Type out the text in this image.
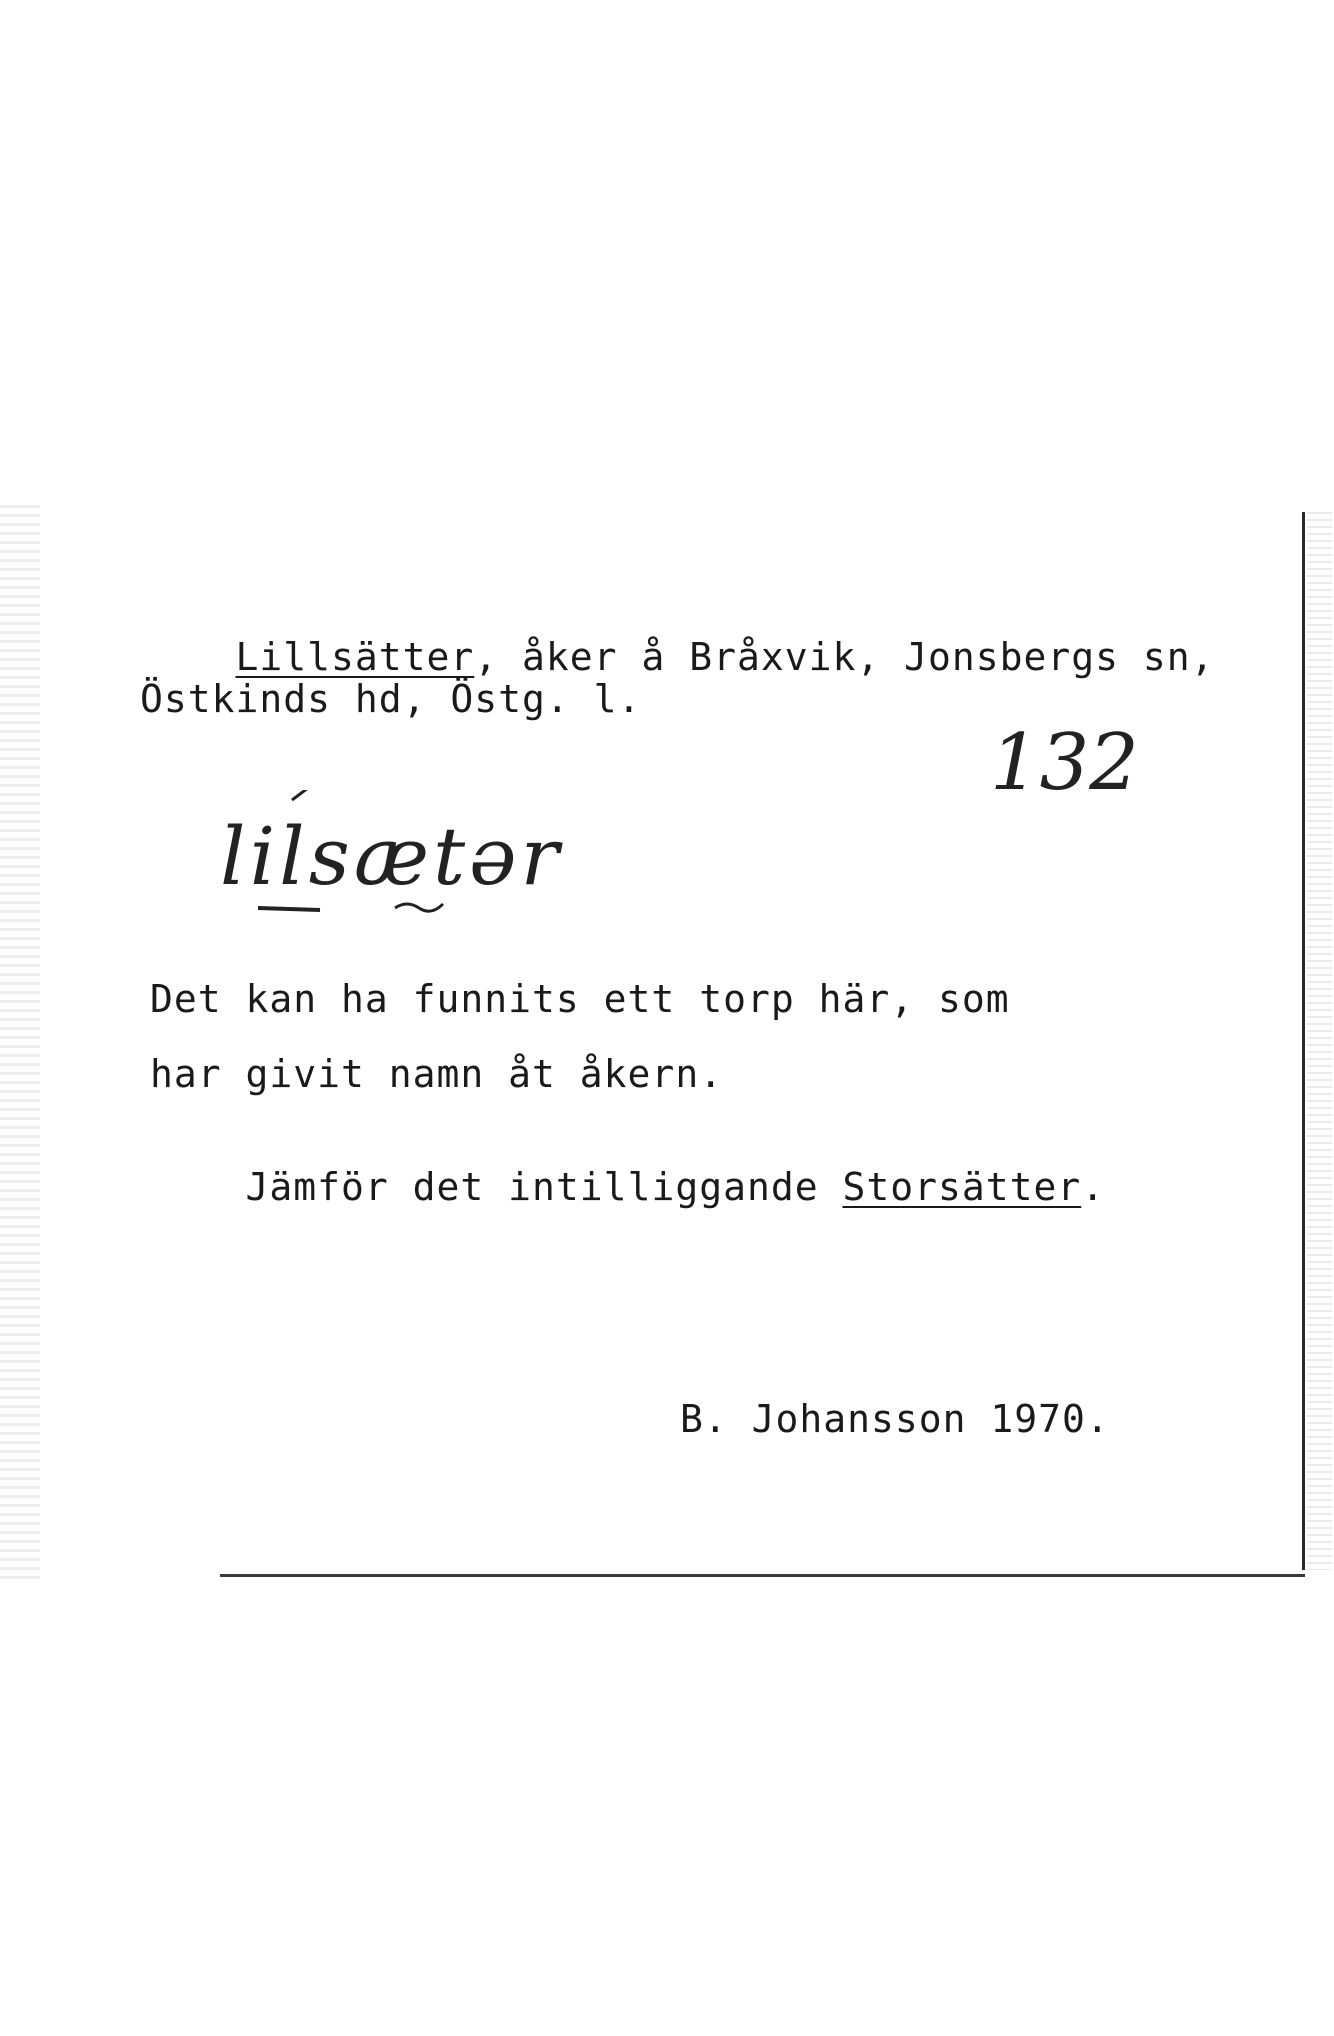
Lillsätter, åker å Bråxvik, Jonsbergs sn,

Östkinds hd, Östg. l.
132
lilsætər
Det kan ha funnits ett torp här, som
har givit namn åt åkern.

Jämför det intilliggande Storsätter.

B. Johansson 1970.
